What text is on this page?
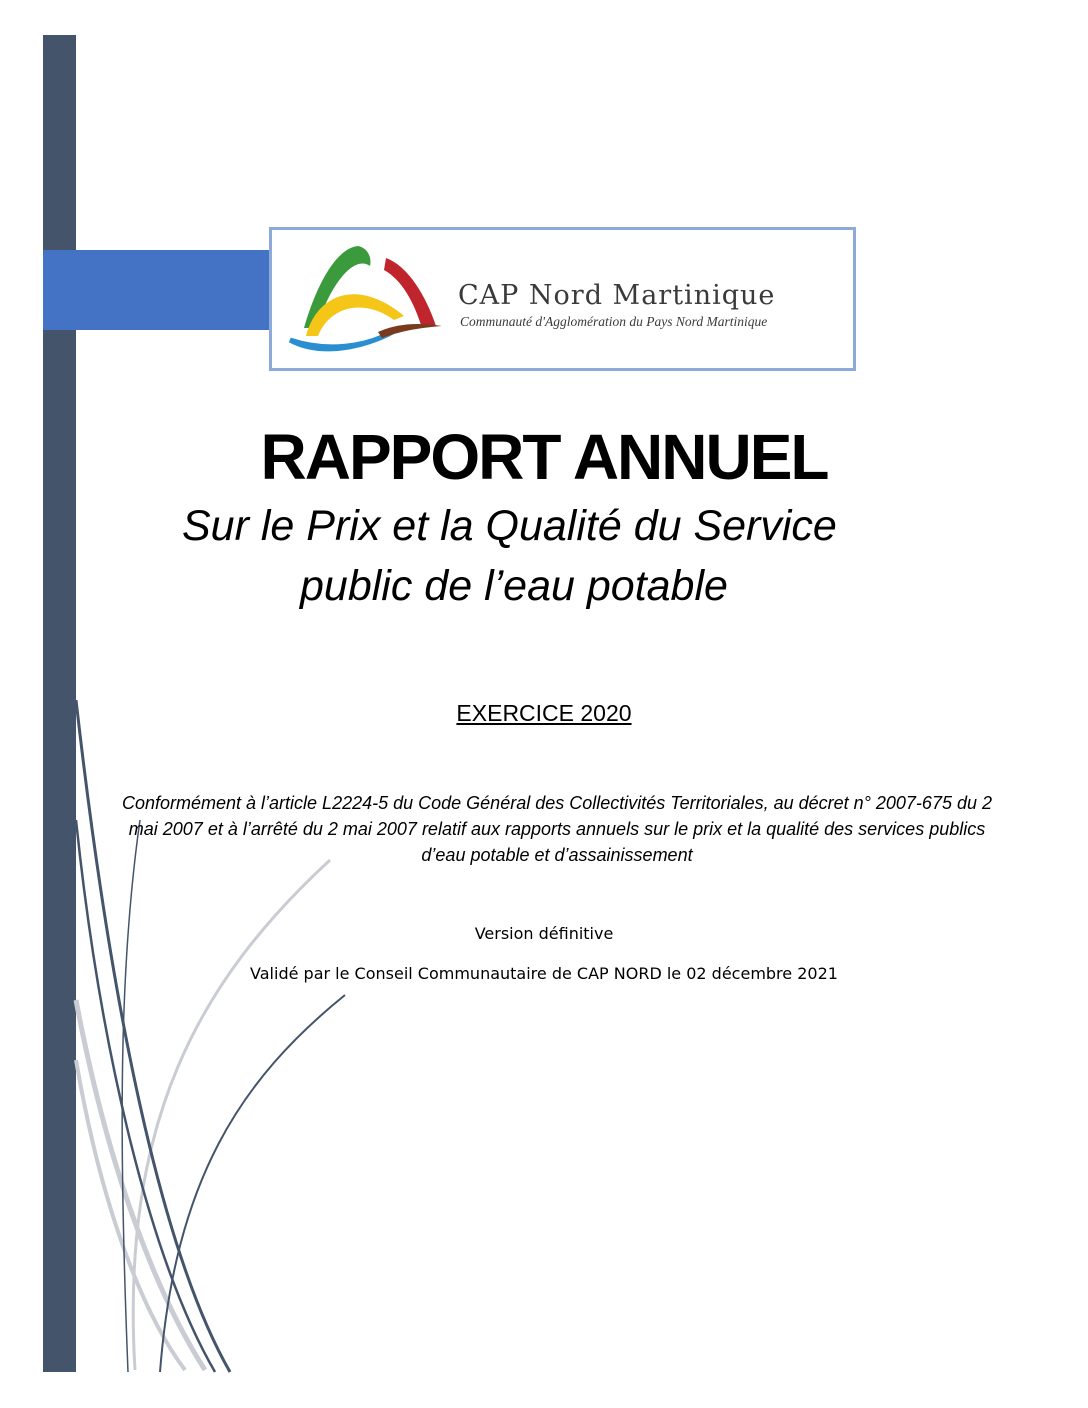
CAP Nord Martinique
Communauté d'Agglomération du Pays Nord Martinique
RAPPORT ANNUEL
Sur le Prix et la Qualité du Service
public de l’eau potable
EXERCICE 2020
Conformément à l’article L2224-5 du Code Général des Collectivités Territoriales, au décret n° 2007-675 du 2 mai 2007 et à l’arrêté du 2 mai 2007 relatif aux rapports annuels sur le prix et la qualité des services publics d’eau potable et d’assainissement
Version définitive
Validé par le Conseil Communautaire de CAP NORD le 02 décembre 2021
